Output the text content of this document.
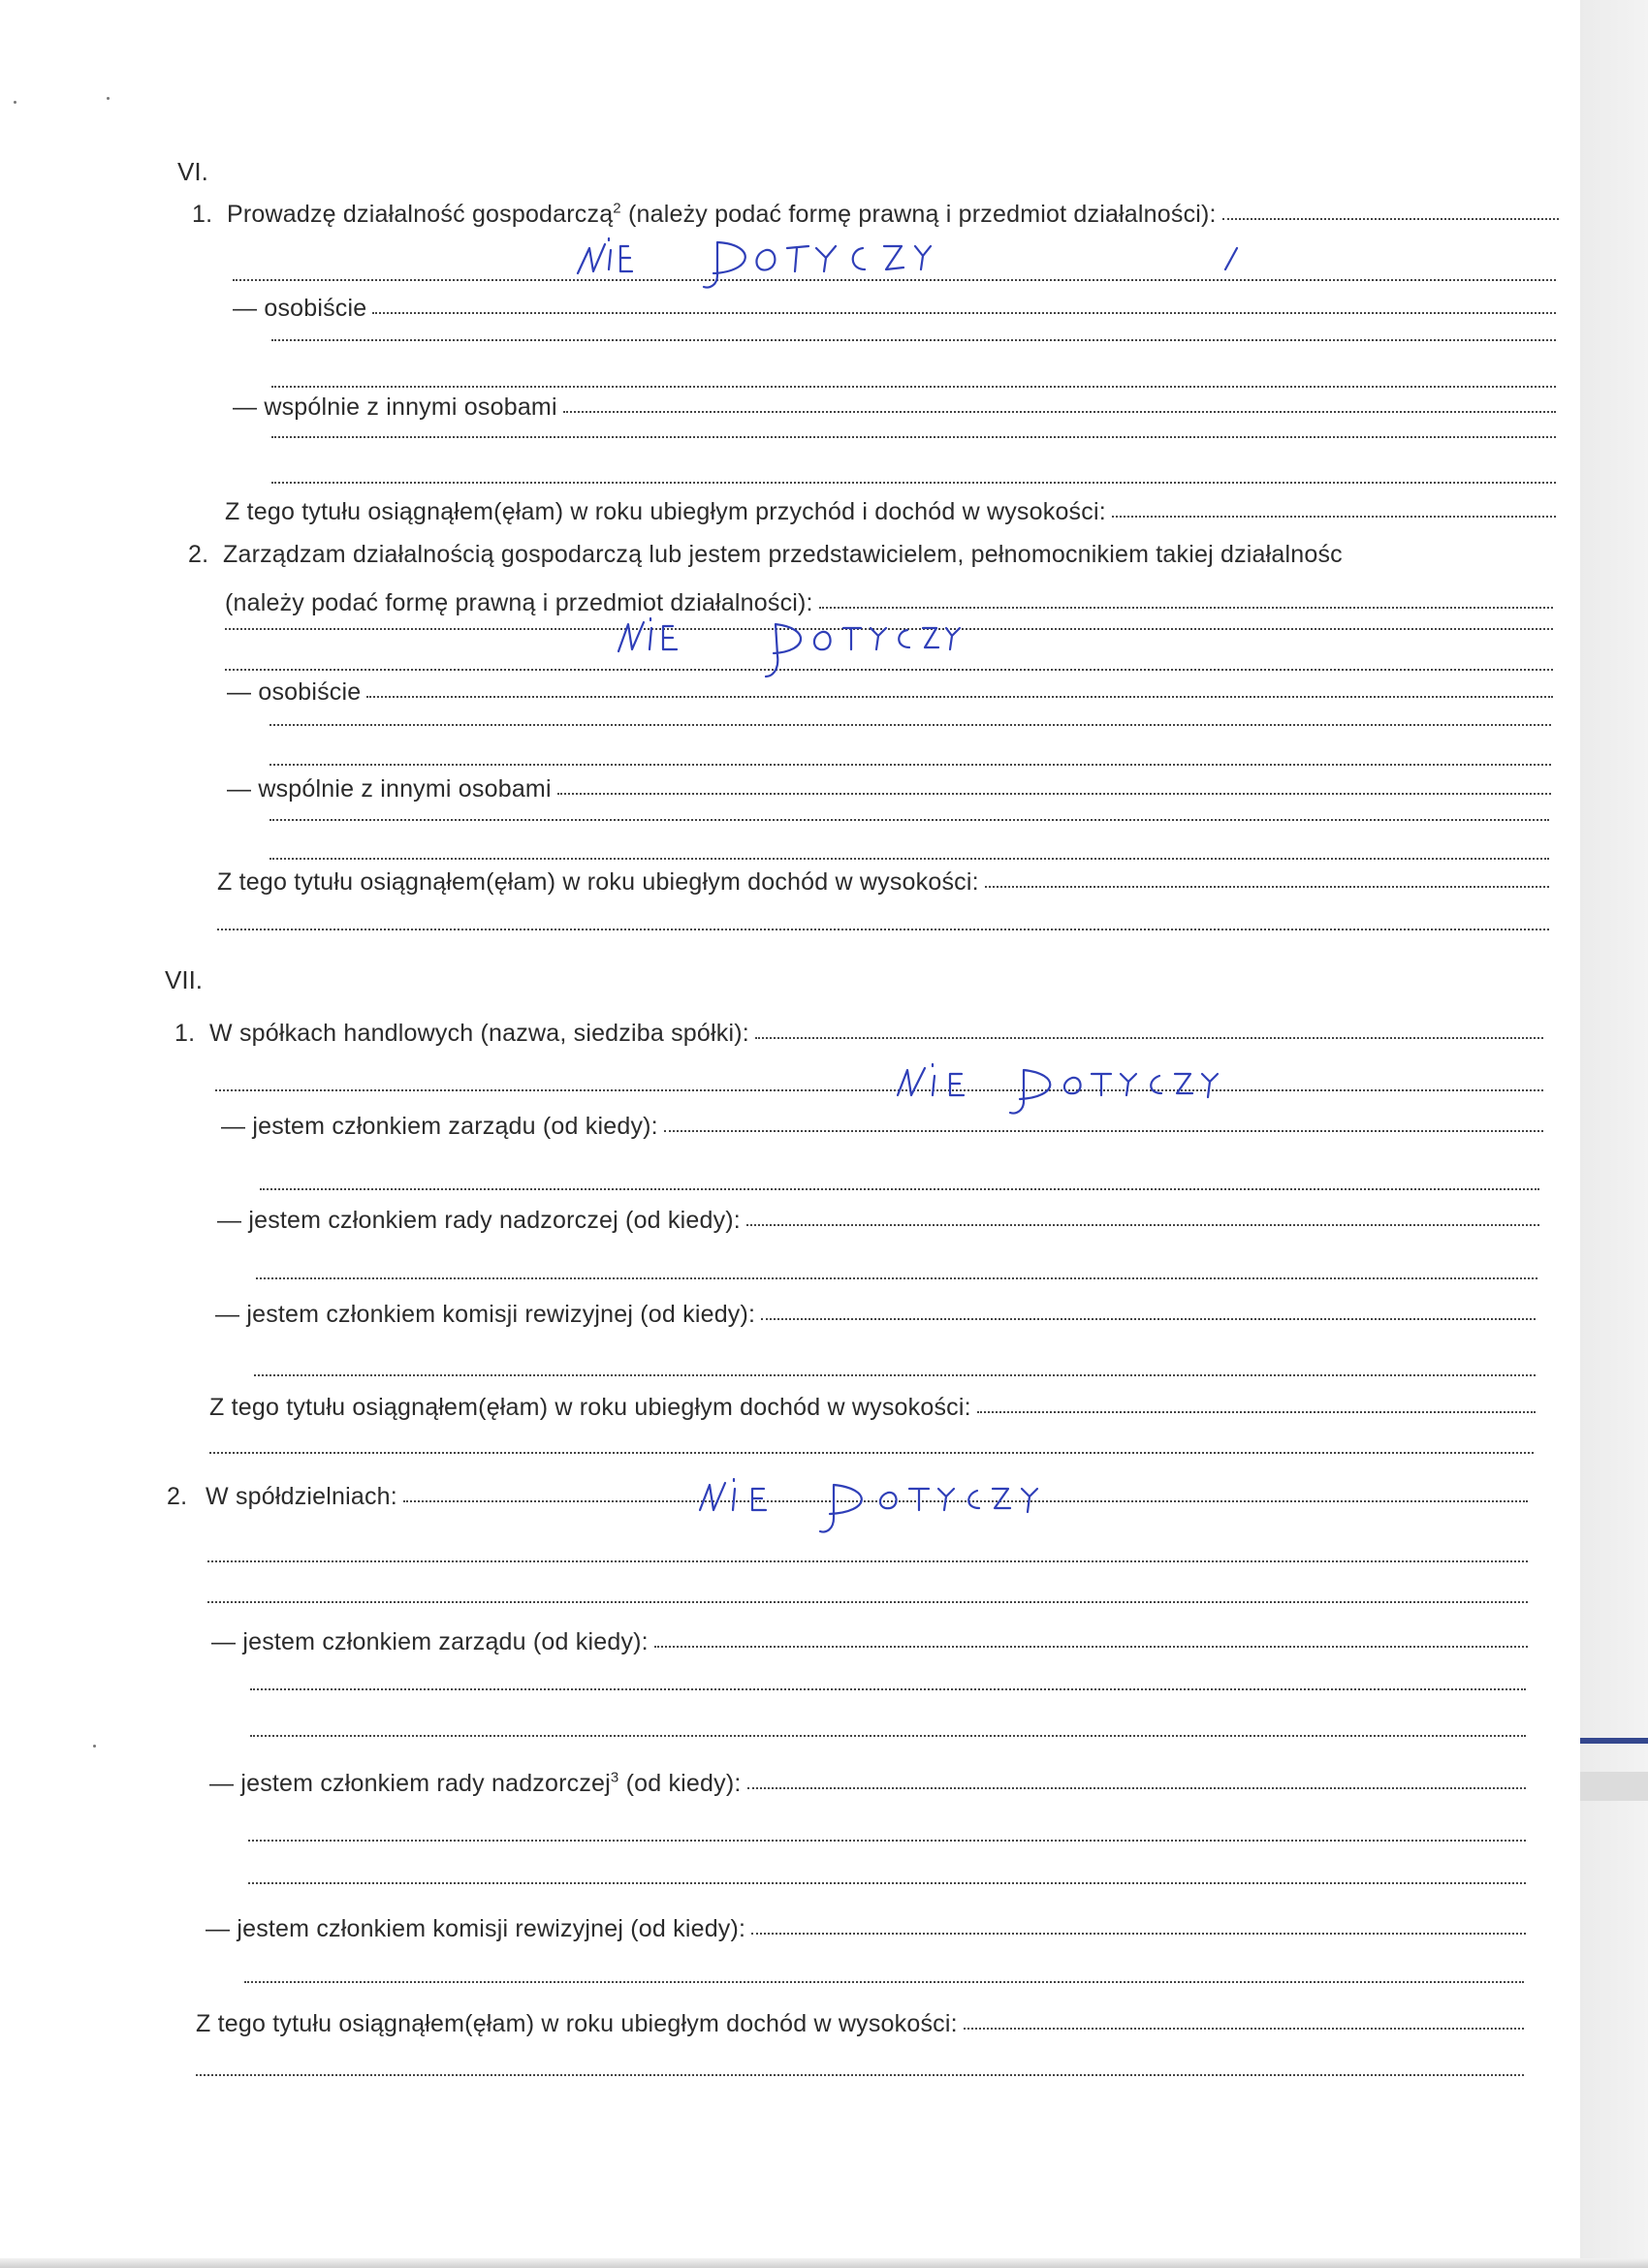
VI.
1. Prowadzę działalność gospodarczą$^2$ (należy podać formę prawną i przedmiot działalności):
— osobiście
— wspólnie z innymi osobami
Z tego tytułu osiągnąłem(ęłam) w roku ubiegłym przychód i dochód w wysokości:
2. Zarządzam działalnością gospodarczą lub jestem przedstawicielem, pełnomocnikiem takiej działalnośc
(należy podać formę prawną i przedmiot działalności):
— osobiście
— wspólnie z innymi osobami
Z tego tytułu osiągnąłem(ęłam) w roku ubiegłym dochód w wysokości:
VII.
1. W spółkach handlowych (nazwa, siedziba spółki):
— jestem członkiem zarządu (od kiedy):
— jestem członkiem rady nadzorczej (od kiedy):
— jestem członkiem komisji rewizyjnej (od kiedy):
Z tego tytułu osiągnąłem(ęłam) w roku ubiegłym dochód w wysokości:
2. W spółdzielniach:
— jestem członkiem zarządu (od kiedy):
— jestem członkiem rady nadzorczej$^3$ (od kiedy):
— jestem członkiem komisji rewizyjnej (od kiedy):
Z tego tytułu osiągnąłem(ęłam) w roku ubiegłym dochód w wysokości:
